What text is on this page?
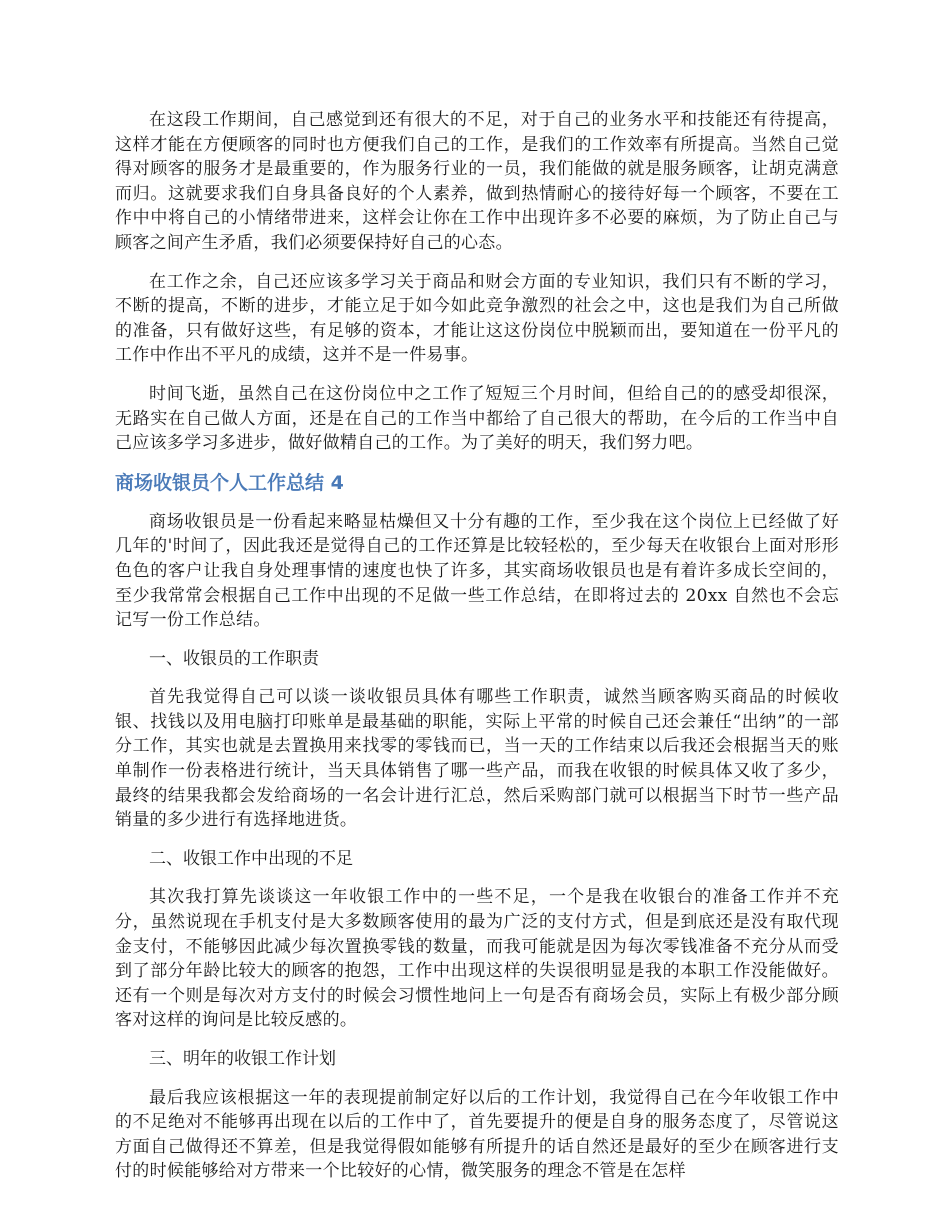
在这段工作期间，自己感觉到还有很大的不足，对于自己的业务水平和技能还有待提高，这样才能在方便顾客的同时也方便我们自己的工作，是我们的工作效率有所提高。当然自己觉得对顾客的服务才是最重要的，作为服务行业的一员，我们能做的就是服务顾客，让胡克满意而归。这就要求我们自身具备良好的个人素养，做到热情耐心的接待好每一个顾客，不要在工作中中将自己的小情绪带进来，这样会让你在工作中出现许多不必要的麻烦，为了防止自己与顾客之间产生矛盾，我们必须要保持好自己的心态。

在工作之余，自己还应该多学习关于商品和财会方面的专业知识，我们只有不断的学习，不断的提高，不断的进步，才能立足于如今如此竞争激烈的社会之中，这也是我们为自己所做的准备，只有做好这些，有足够的资本，才能让这这份岗位中脱颖而出，要知道在一份平凡的工作中作出不平凡的成绩，这并不是一件易事。

时间飞逝，虽然自己在这份岗位中之工作了短短三个月时间，但给自己的的感受却很深，无路实在自己做人方面，还是在自己的工作当中都给了自己很大的帮助，在今后的工作当中自己应该多学习多进步，做好做精自己的工作。为了美好的明天，我们努力吧。

商场收银员个人工作总结 4

商场收银员是一份看起来略显枯燥但又十分有趣的工作，至少我在这个岗位上已经做了好几年的'时间了，因此我还是觉得自己的工作还算是比较轻松的，至少每天在收银台上面对形形色色的客户让我自身处理事情的速度也快了许多，其实商场收银员也是有着许多成长空间的，至少我常常会根据自己工作中出现的不足做一些工作总结，在即将过去的 20xx 自然也不会忘记写一份工作总结。

一、收银员的工作职责

首先我觉得自己可以谈一谈收银员具体有哪些工作职责，诚然当顾客购买商品的时候收银、找钱以及用电脑打印账单是最基础的职能，实际上平常的时候自己还会兼任“出纳”的一部分工作，其实也就是去置换用来找零的零钱而已，当一天的工作结束以后我还会根据当天的账单制作一份表格进行统计，当天具体销售了哪一些产品，而我在收银的时候具体又收了多少，最终的结果我都会发给商场的一名会计进行汇总，然后采购部门就可以根据当下时节一些产品销量的多少进行有选择地进货。

二、收银工作中出现的不足

其次我打算先谈谈这一年收银工作中的一些不足，一个是我在收银台的准备工作并不充分，虽然说现在手机支付是大多数顾客使用的最为广泛的支付方式，但是到底还是没有取代现金支付，不能够因此减少每次置换零钱的数量，而我可能就是因为每次零钱准备不充分从而受到了部分年龄比较大的顾客的抱怨，工作中出现这样的失误很明显是我的本职工作没能做好。还有一个则是每次对方支付的时候会习惯性地问上一句是否有商场会员，实际上有极少部分顾客对这样的询问是比较反感的。

三、明年的收银工作计划

最后我应该根据这一年的表现提前制定好以后的工作计划，我觉得自己在今年收银工作中的不足绝对不能够再出现在以后的工作中了，首先要提升的便是自身的服务态度了，尽管说这方面自己做得还不算差，但是我觉得假如能够有所提升的话自然还是最好的至少在顾客进行支付的时候能够给对方带来一个比较好的心情，微笑服务的理念不管是在怎样
